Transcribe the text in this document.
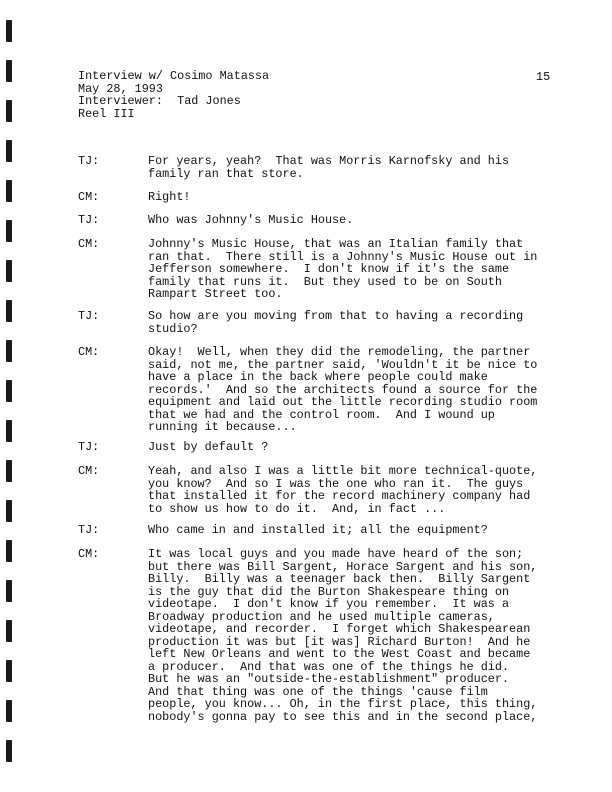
Interview w/ Cosimo Matassa
May 28, 1993
Interviewer:  Tad Jones
Reel III
15
TJ:	For years, yeah?  That was Morris Karnofsky and his
family ran that store.
CM:	Right!
TJ:	Who was Johnny's Music House.
CM:	Johnny's Music House, that was an Italian family that
ran that.  There still is a Johnny's Music House out in
Jefferson somewhere.  I don't know if it's the same
family that runs it.  But they used to be on South
Rampart Street too.
TJ:	So how are you moving from that to having a recording
studio?
CM:	Okay!  Well, when they did the remodeling, the partner
said, not me, the partner said, 'Wouldn't it be nice to
have a place in the back where people could make
records.'  And so the architects found a source for the
equipment and laid out the little recording studio room
that we had and the control room.  And I wound up
running it because...
TJ:	Just by default ?
CM:	Yeah, and also I was a little bit more technical-quote,
you know?  And so I was the one who ran it.  The guys
that installed it for the record machinery company had
to show us how to do it.  And, in fact ...
TJ:	Who came in and installed it; all the equipment?
CM:	It was local guys and you made have heard of the son;
but there was Bill Sargent, Horace Sargent and his son,
Billy.  Billy was a teenager back then.  Billy Sargent
is the guy that did the Burton Shakespeare thing on
videotape.  I don't know if you remember.  It was a
Broadway production and he used multiple cameras,
videotape, and recorder.  I forget which Shakespearean
production it was but [it was] Richard Burton!  And he
left New Orleans and went to the West Coast and became
a producer.  And that was one of the things he did.
But he was an "outside-the-establishment" producer.
And that thing was one of the things 'cause film
people, you know... Oh, in the first place, this thing,
nobody's gonna pay to see this and in the second place,
